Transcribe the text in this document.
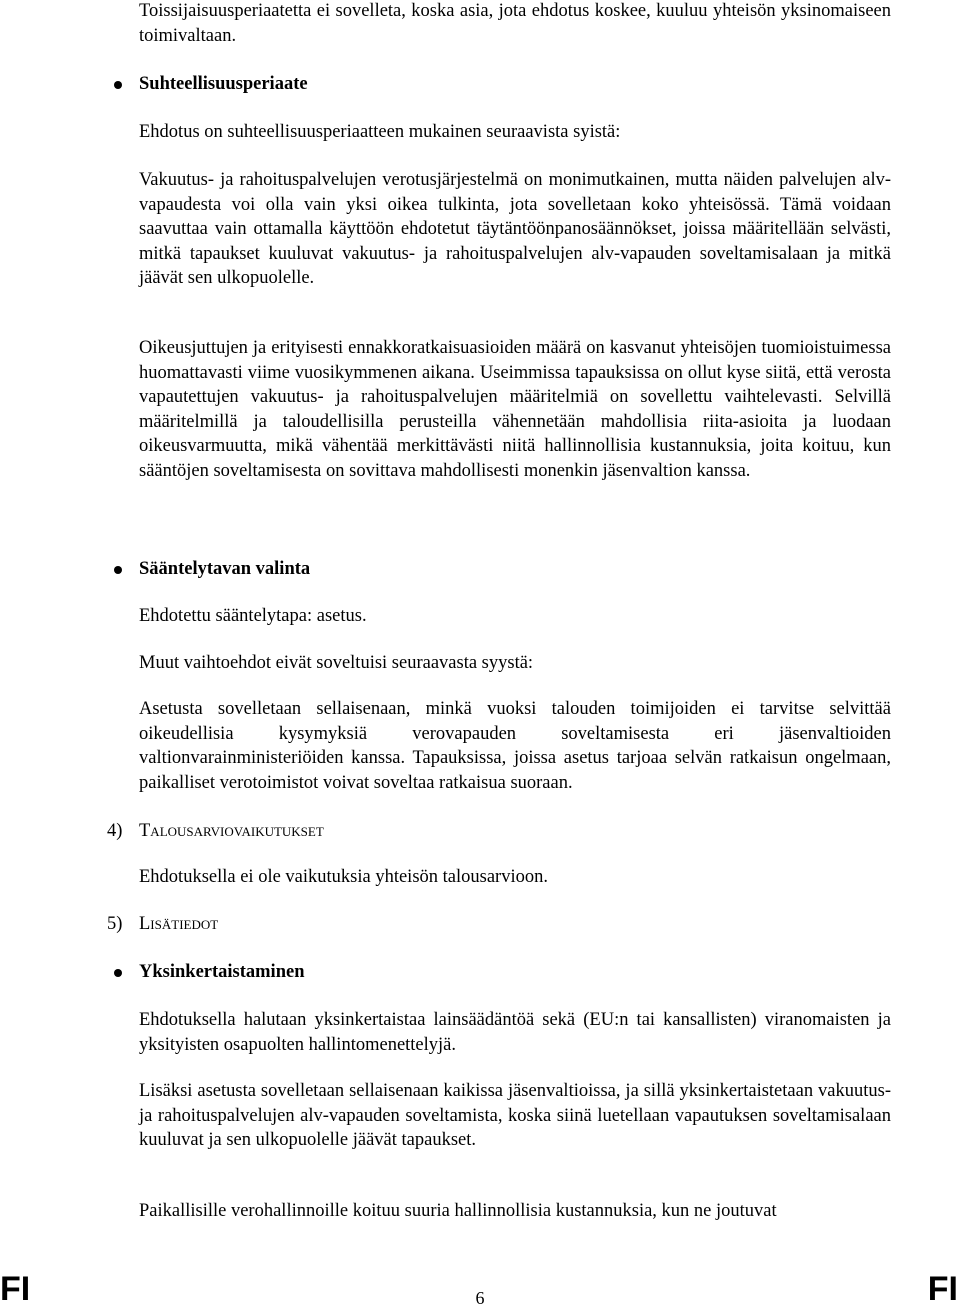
Toissijaisuusperiaatetta ei sovelleta, koska asia, jota ehdotus koskee, kuuluu yhteisön yksinomaiseen toimivaltaan.

Suhteellisuusperiaate

Ehdotus on suhteellisuusperiaatteen mukainen seuraavista syistä:

Vakuutus- ja rahoituspalvelujen verotusjärjestelmä on monimutkainen, mutta näiden palvelujen alv-vapaudesta voi olla vain yksi oikea tulkinta, jota sovelletaan koko yhteisössä. Tämä voidaan saavuttaa vain ottamalla käyttöön ehdotetut täytäntöönpanosäännökset, joissa määritellään selvästi, mitkä tapaukset kuuluvat vakuutus- ja rahoituspalvelujen alv-vapauden soveltamisalaan ja mitkä jäävät sen ulkopuolelle.

Oikeusjuttujen ja erityisesti ennakkoratkaisuasioiden määrä on kasvanut yhteisöjen tuomioistuimessa huomattavasti viime vuosikymmenen aikana. Useimmissa tapauksissa on ollut kyse siitä, että verosta vapautettujen vakuutus- ja rahoituspalvelujen määritelmiä on sovellettu vaihtelevasti. Selvillä määritelmillä ja taloudellisilla perusteilla vähennetään mahdollisia riita-asioita ja luodaan oikeusvarmuutta, mikä vähentää merkittävästi niitä hallinnollisia kustannuksia, joita koituu, kun sääntöjen soveltamisesta on sovittava mahdollisesti monenkin jäsenvaltion kanssa.

Sääntelytavan valinta

Ehdotettu sääntelytapa: asetus.

Muut vaihtoehdot eivät soveltuisi seuraavasta syystä:

Asetusta sovelletaan sellaisenaan, minkä vuoksi talouden toimijoiden ei tarvitse selvittää oikeudellisia kysymyksiä verovapauden soveltamisesta eri jäsenvaltioiden valtionvarainministeriöiden kanssa. Tapauksissa, joissa asetus tarjoaa selvän ratkaisun ongelmaan, paikalliset verotoimistot voivat soveltaa ratkaisua suoraan.

4) Talousarviovaikutukset

Ehdotuksella ei ole vaikutuksia yhteisön talousarvioon.

5) Lisätiedot
Yksinkertaistaminen

Ehdotuksella halutaan yksinkertaistaa lainsäädäntöä sekä (EU:n tai kansallisten) viranomaisten ja yksityisten osapuolten hallintomenettelyjä.

Lisäksi asetusta sovelletaan sellaisenaan kaikissa jäsenvaltioissa, ja sillä yksinkertaistetaan vakuutus- ja rahoituspalvelujen alv-vapauden soveltamista, koska siinä luetellaan vapautuksen soveltamisalaan kuuluvat ja sen ulkopuolelle jäävät tapaukset.

Paikallisille verohallinnoille koituu suuria hallinnollisia kustannuksia, kun ne joutuvat

FI	6	FI
